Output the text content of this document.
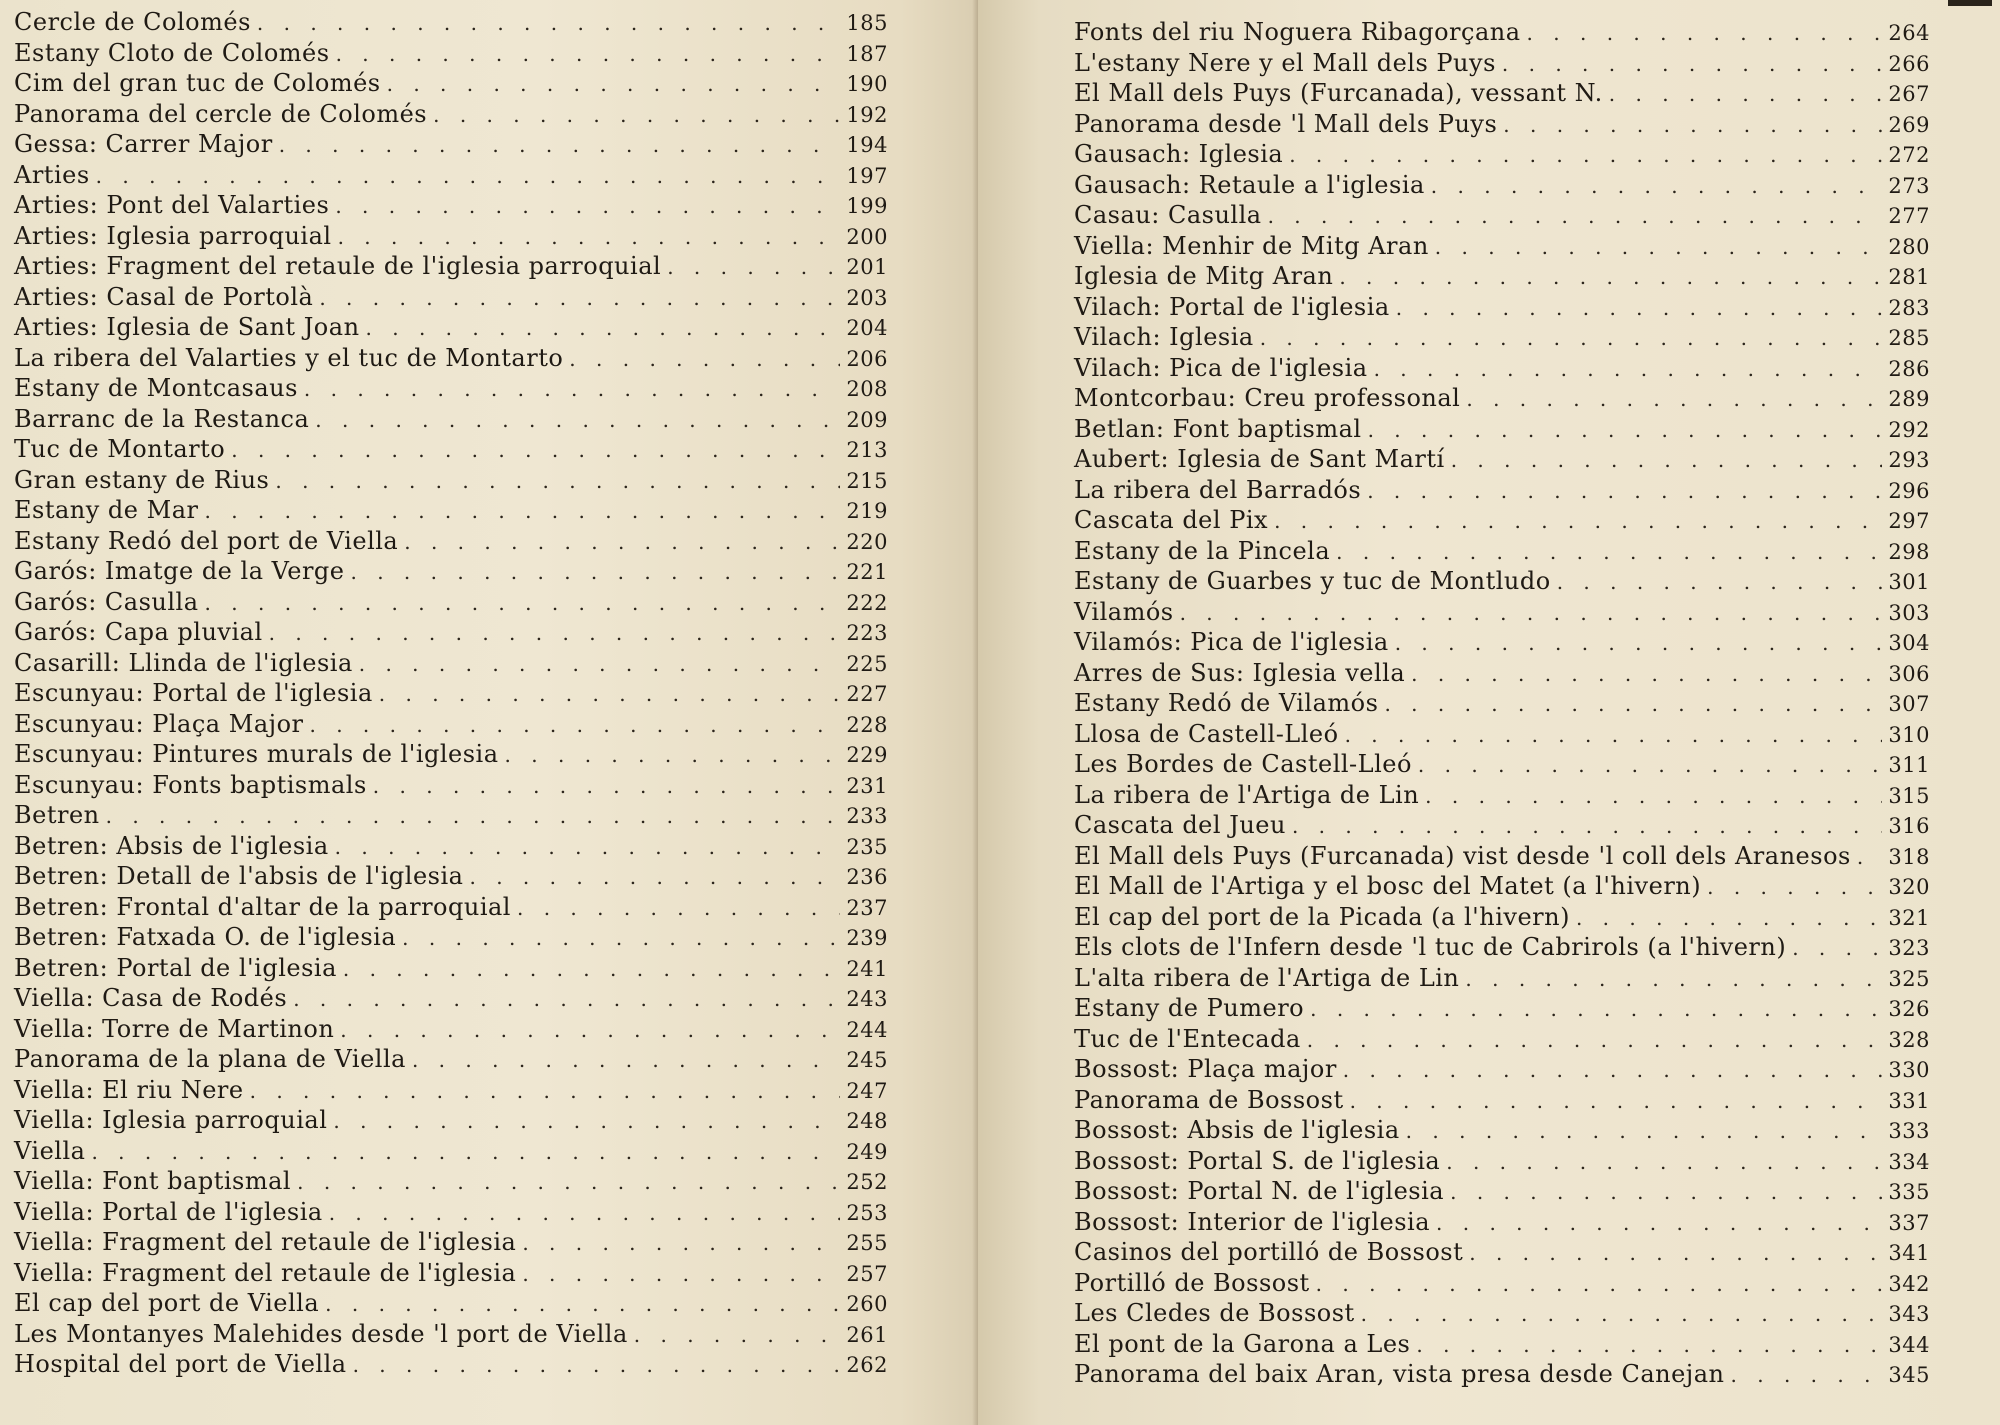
Cercle de Colomés . . .	185
Estany Cloto de Colomés . . .	187
Cim del gran tuc de Colomés . . .	190
Panorama del cercle de Colomés . . .	192
Gessa: Carrer Major . . .	194
Arties . . .	197
Arties: Pont del Valarties . . .	199
Arties: Iglesia parroquial . . .	200
Arties: Fragment del retaule de l'iglesia parroquial . . .	201
Arties: Casal de Portolà . . .	203
Arties: Iglesia de Sant Joan . . .	204
La ribera del Valarties y el tuc de Montarto . . .	206
Estany de Montcasaus . . .	208
Barranc de la Restanca . . .	209
Tuc de Montarto . . .	213
Gran estany de Rius . . .	215
Estany de Mar . . .	219
Estany Redó del port de Viella . . .	220
Garós: Imatge de la Verge . . .	221
Garós: Casulla . . .	222
Garós: Capa pluvial . . .	223
Casarill: Llinda de l'iglesia . . .	225
Escunyau: Portal de l'iglesia . . .	227
Escunyau: Plaça Major . . .	228
Escunyau: Pintures murals de l'iglesia . . .	229
Escunyau: Fonts baptismals . . .	231
Betren . . .	233
Betren: Absis de l'iglesia . . .	235
Betren: Detall de l'absis de l'iglesia . . .	236
Betren: Frontal d'altar de la parroquial . . .	237
Betren: Fatxada O. de l'iglesia . . .	239
Betren: Portal de l'iglesia . . .	241
Viella: Casa de Rodés . . .	243
Viella: Torre de Martinon . . .	244
Panorama de la plana de Viella . . .	245
Viella: El riu Nere . . .	247
Viella: Iglesia parroquial . . .	248
Viella . . .	249
Viella: Font baptismal . . .	252
Viella: Portal de l'iglesia . . .	253
Viella: Fragment del retaule de l'iglesia . . .	255
Viella: Fragment del retaule de l'iglesia . . .	257
El cap del port de Viella . . .	260
Les Montanyes Malehides desde 'l port de Viella . . .	261
Hospital del port de Viella . . .	262
Fonts del riu Noguera Ribagorçana . . .	264
L'estany Nere y el Mall dels Puys . . .	266
El Mall dels Puys (Furcanada), vessant N. . . .	267
Panorama desde 'l Mall dels Puys . . .	269
Gausach: Iglesia . . .	272
Gausach: Retaule a l'iglesia . . .	273
Casau: Casulla . . .	277
Viella: Menhir de Mitg Aran . . .	280
Iglesia de Mitg Aran . . .	281
Vilach: Portal de l'iglesia . . .	283
Vilach: Iglesia . . .	285
Vilach: Pica de l'iglesia . . .	286
Montcorbau: Creu professonal . . .	289
Betlan: Font baptismal . . .	292
Aubert: Iglesia de Sant Martí . . .	293
La ribera del Barradós . . .	296
Cascata del Pix . . .	297
Estany de la Pincela . . .	298
Estany de Guarbes y tuc de Montludo . . .	301
Vilamós . . .	303
Vilamós: Pica de l'iglesia . . .	304
Arres de Sus: Iglesia vella . . .	306
Estany Redó de Vilamós . . .	307
Llosa de Castell-Lleó . . .	310
Les Bordes de Castell-Lleó . . .	311
La ribera de l'Artiga de Lin . . .	315
Cascata del Jueu . . .	316
El Mall dels Puys (Furcanada) vist desde 'l coll dels Aranesos . . . 318
El Mall de l'Artiga y el bosc del Matet (a l'hivern) . . .	320
El cap del port de la Picada (a l'hivern) . . .	321
Els clots de l'Infern desde 'l tuc de Cabrirols (a l'hivern) . . .	323
L'alta ribera de l'Artiga de Lin . . .	325
Estany de Pumero . . .	326
Tuc de l'Entecada . . .	328
Bossost: Plaça major . . .	330
Panorama de Bossost . . .	331
Bossost: Absis de l'iglesia . . .	333
Bossost: Portal S. de l'iglesia . . .	334
Bossost: Portal N. de l'iglesia . . .	335
Bossost: Interior de l'iglesia . . .	337
Casinos del portilló de Bossost . . .	341
Portilló de Bossost . . .	342
Les Cledes de Bossost . . .	343
El pont de la Garona a Les . . .	344
Panorama del baix Aran, vista presa desde Canejan . . .	345
